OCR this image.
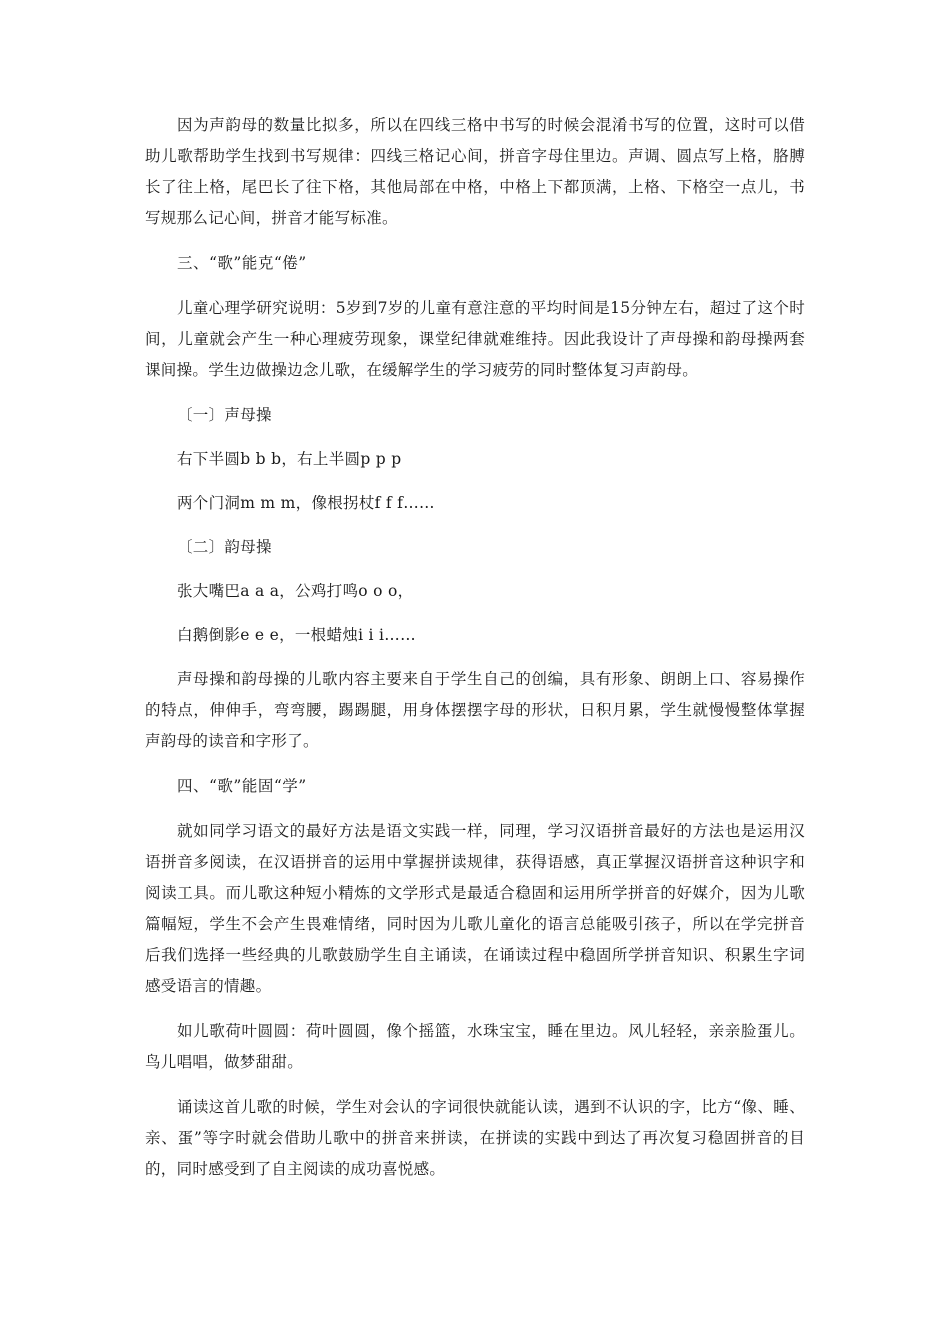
因为声韵母的数量比拟多，所以在四线三格中书写的时候会混淆书写的位置，这时可以借助儿歌帮助学生找到书写规律：四线三格记心间，拼音字母住里边。声调、圆点写上格，胳膊长了往上格，尾巴长了往下格，其他局部在中格，中格上下都顶满，上格、下格空一点儿，书写规那么记心间，拼音才能写标准。

三、“歌”能克“倦”

儿童心理学研究说明：5岁到7岁的儿童有意注意的平均时间是15分钟左右，超过了这个时间，儿童就会产生一种心理疲劳现象，课堂纪律就难维持。因此我设计了声母操和韵母操两套课间操。学生边做操边念儿歌，在缓解学生的学习疲劳的同时整体复习声韵母。

〔一〕声母操

右下半圆b b b，右上半圆p p p

两个门洞m m m，像根拐杖f f f……

〔二〕韵母操

张大嘴巴a a a，公鸡打鸣o o o，

白鹅倒影e e e，一根蜡烛i i i……

声母操和韵母操的儿歌内容主要来自于学生自己的创编，具有形象、朗朗上口、容易操作的特点，伸伸手，弯弯腰，踢踢腿，用身体摆摆字母的形状，日积月累，学生就慢慢整体掌握声韵母的读音和字形了。

四、“歌”能固“学”

就如同学习语文的最好方法是语文实践一样，同理，学习汉语拼音最好的方法也是运用汉语拼音多阅读，在汉语拼音的运用中掌握拼读规律，获得语感，真正掌握汉语拼音这种识字和阅读工具。而儿歌这种短小精炼的文学形式是最适合稳固和运用所学拼音的好媒介，因为儿歌篇幅短，学生不会产生畏难情绪，同时因为儿歌儿童化的语言总能吸引孩子，所以在学完拼音后我们选择一些经典的儿歌鼓励学生自主诵读，在诵读过程中稳固所学拼音知识、积累生字词感受语言的情趣。

如儿歌荷叶圆圆：荷叶圆圆，像个摇篮，水珠宝宝，睡在里边。风儿轻轻，亲亲脸蛋儿。鸟儿唱唱，做梦甜甜。

诵读这首儿歌的时候，学生对会认的字词很快就能认读，遇到不认识的字，比方“像、睡、亲、蛋”等字时就会借助儿歌中的拼音来拼读，在拼读的实践中到达了再次复习稳固拼音的目的，同时感受到了自主阅读的成功喜悦感。
